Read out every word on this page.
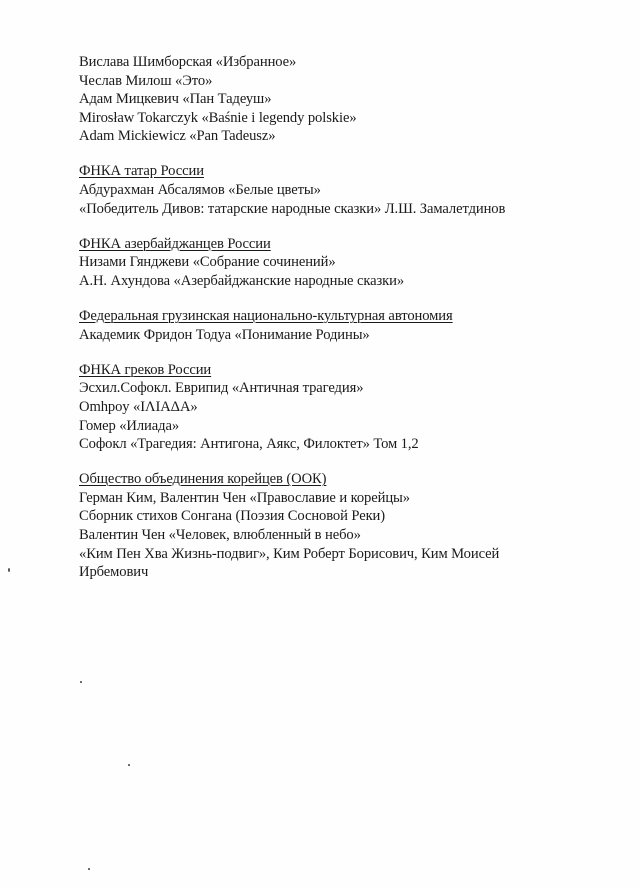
Вислава Шимборская «Избранное»
Чеслав Милош «Это»
Адам Мицкевич «Пан Тадеуш»
Mirosław Tokarczyk «Baśnie i legendy polskie»
Adam Mickiewicz «Pan Tadeusz»
ФНКА татар России
Абдурахман Абсалямов «Белые цветы»
«Победитель Дивов: татарские народные сказки» Л.Ш. Замалетдинов
ФНКА азербайджанцев России
Низами Гянджеви «Собрание сочинений»
А.Н. Ахундова «Азербайджанские народные сказки»
Федеральная грузинская национально-культурная автономия
Академик Фридон Тодуа «Понимание Родины»
ФНКА греков России
Эсхил.Софокл. Еврипид «Античная трагедия»
Omhpoy «ΙΛΙΑΔΑ»
Гомер «Илиада»
Софокл «Трагедия: Антигона, Аякс, Филоктет» Том 1,2
Общество объединения корейцев (ООК)
Герман Ким, Валентин Чен «Православие и корейцы»
Сборник стихов Сонгана (Поэзия Сосновой Реки)
Валентин Чен «Человек, влюбленный в небо»
«Ким Пен Хва Жизнь-подвиг», Ким Роберт Борисович, Ким Моисей Ирбемович
